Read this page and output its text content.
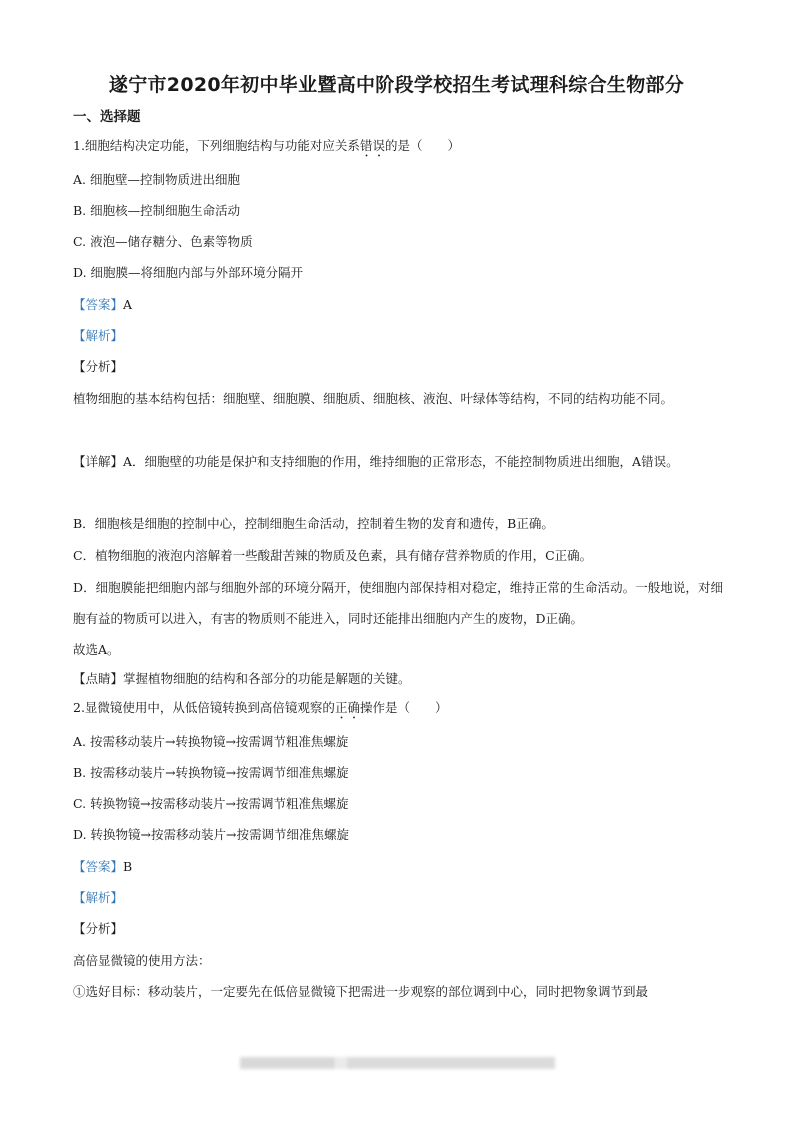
遂宁市2020年初中毕业暨高中阶段学校招生考试理科综合生物部分
一、选择题
1.细胞结构决定功能，下列细胞结构与功能对应关系错误的是（　　）
A. 细胞壁—控制物质进出细胞
B. 细胞核—控制细胞生命活动
C. 液泡—储存糖分、色素等物质
D. 细胞膜—将细胞内部与外部环境分隔开
【答案】A
【解析】
【分析】
植物细胞的基本结构包括：细胞壁、细胞膜、细胞质、细胞核、液泡、叶绿体等结构，不同的结构功能不同。
【详解】A．细胞壁的功能是保护和支持细胞的作用，维持细胞的正常形态，不能控制物质进出细胞，A错误。
B．细胞核是细胞的控制中心，控制细胞生命活动，控制着生物的发育和遗传，B正确。
C．植物细胞的液泡内溶解着一些酸甜苦辣的物质及色素，具有储存营养物质的作用，C正确。
D．细胞膜能把细胞内部与细胞外部的环境分隔开，使细胞内部保持相对稳定，维持正常的生命活动。一般地说，对细胞有益的物质可以进入，有害的物质则不能进入，同时还能排出细胞内产生的废物，D正确。
故选A。
【点睛】掌握植物细胞的结构和各部分的功能是解题的关键。
2.显微镜使用中，从低倍镜转换到高倍镜观察的正确操作是（　　）
A. 按需移动装片→转换物镜→按需调节粗准焦螺旋
B. 按需移动装片→转换物镜→按需调节细准焦螺旋
C. 转换物镜→按需移动装片→按需调节粗准焦螺旋
D. 转换物镜→按需移动装片→按需调节细准焦螺旋
【答案】B
【解析】
【分析】
高倍显微镜的使用方法：
①选好目标：移动装片，一定要先在低倍显微镜下把需进一步观察的部位调到中心，同时把物象调节到最
